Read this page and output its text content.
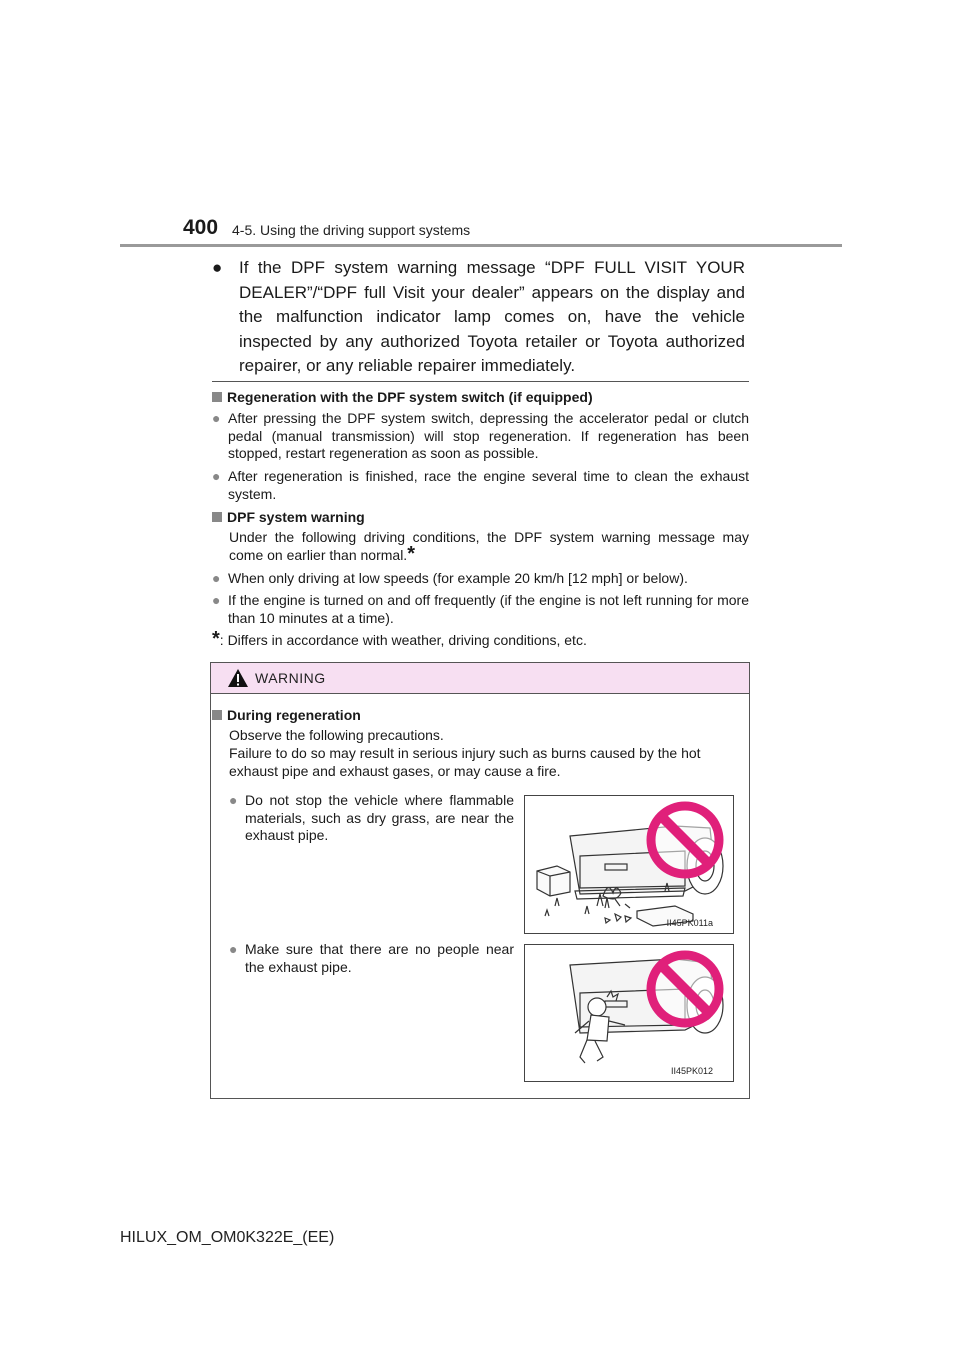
400 4-5. Using the driving support systems
● If the DPF system warning message “DPF FULL VISIT YOUR DEALER”/“DPF full Visit your dealer” appears on the display and the malfunction indicator lamp comes on, have the vehicle inspected by any authorized Toyota retailer or Toyota authorized repairer, or any reliable repairer immediately.
Regeneration with the DPF system switch (if equipped)
● After pressing the DPF system switch, depressing the accelerator pedal or clutch pedal (manual transmission) will stop regeneration. If regeneration has been stopped, restart regeneration as soon as possible.
● After regeneration is finished, race the engine several time to clean the exhaust system.
DPF system warning
Under the following driving conditions, the DPF system warning message may come on earlier than normal.*
● When only driving at low speeds (for example 20 km/h [12 mph] or below).
● If the engine is turned on and off frequently (if the engine is not left running for more than 10 minutes at a time).
*: Differs in accordance with weather, driving conditions, etc.
WARNING
During regeneration
Observe the following precautions.
Failure to do so may result in serious injury such as burns caused by the hot exhaust pipe and exhaust gases, or may cause a fire.
● Do not stop the vehicle where flammable materials, such as dry grass, are near the exhaust pipe.
II45PK011a
● Make sure that there are no people near the exhaust pipe.
II45PK012
HILUX_OM_OM0K322E_(EE)
